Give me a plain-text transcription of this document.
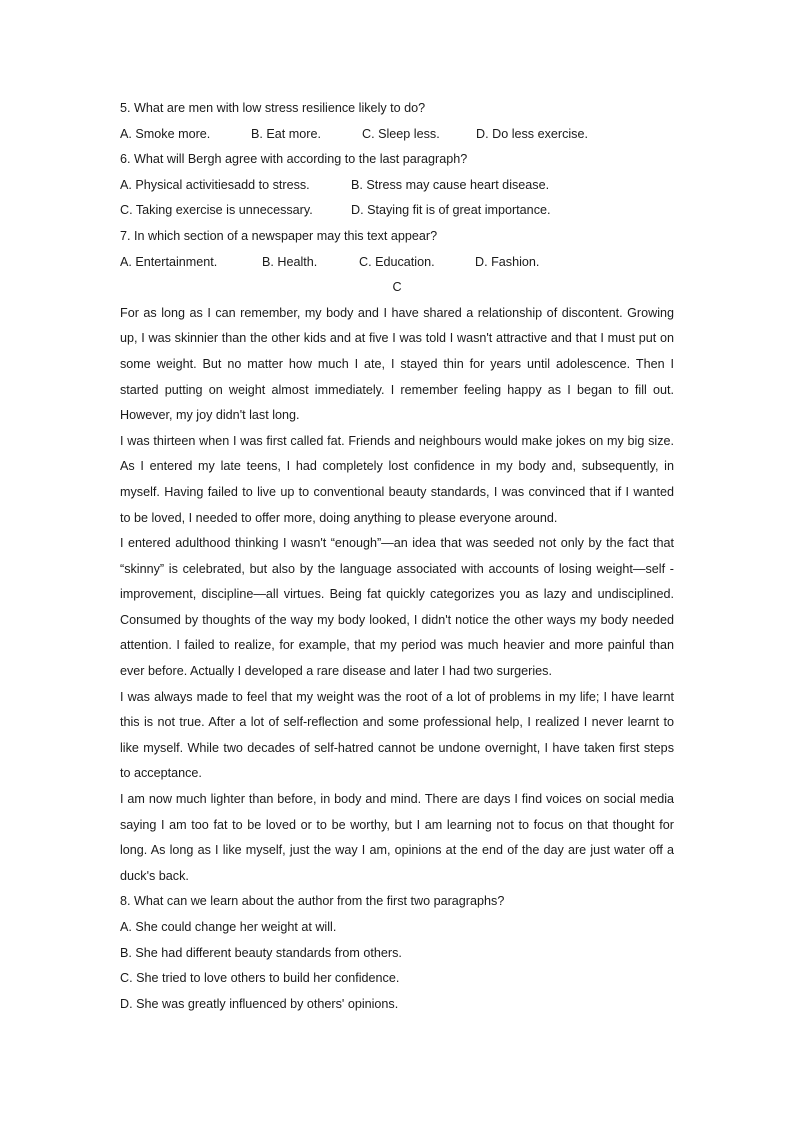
5. What are men with low stress resilience likely to do?
A. Smoke more.	B. Eat more.	C. Sleep less.	D. Do less exercise.
6. What will Bergh agree with according to the last paragraph?
A. Physical activitiesadd to stress.	B. Stress may cause heart disease.
C. Taking exercise is unnecessary.	D. Staying fit is of great importance.
7. In which section of a newspaper may this text appear?
A. Entertainment.	B. Health.	C. Education.	D. Fashion.
C
For as long as I can remember, my body and I have shared a relationship of discontent. Growing up, I was skinnier than the other kids and at five I was told I wasn't attractive and that I must put on some weight. But no matter how much I ate, I stayed thin for years until adolescence. Then I started putting on weight almost immediately. I remember feeling happy as I began to fill out. However, my joy didn't last long.
I was thirteen when I was first called fat. Friends and neighbours would make jokes on my big size. As I entered my late teens, I had completely lost confidence in my body and, subsequently, in myself. Having failed to live up to conventional beauty standards, I was convinced that if I wanted to be loved, I needed to offer more, doing anything to please everyone around.
I entered adulthood thinking I wasn't “enough”—an idea that was seeded not only by the fact that “skinny” is celebrated, but also by the language associated with accounts of losing weight—self - improvement, discipline—all virtues. Being fat quickly categorizes you as lazy and undisciplined. Consumed by thoughts of the way my body looked, I didn't notice the other ways my body needed attention. I failed to realize, for example, that my period was much heavier and more painful than ever before. Actually I developed a rare disease and later I had two surgeries.
I was always made to feel that my weight was the root of a lot of problems in my life; I have learnt this is not true. After a lot of self-reflection and some professional help, I realized I never learnt to like myself. While two decades of self-hatred cannot be undone overnight, I have taken first steps to acceptance.
I am now much lighter than before, in body and mind. There are days I find voices on social media saying I am too fat to be loved or to be worthy, but I am learning not to focus on that thought for long. As long as I like myself, just the way I am, opinions at the end of the day are just water off a duck's back.
8. What can we learn about the author from the first two paragraphs?
A. She could change her weight at will.
B. She had different beauty standards from others.
C. She tried to love others to build her confidence.
D. She was greatly influenced by others' opinions.
